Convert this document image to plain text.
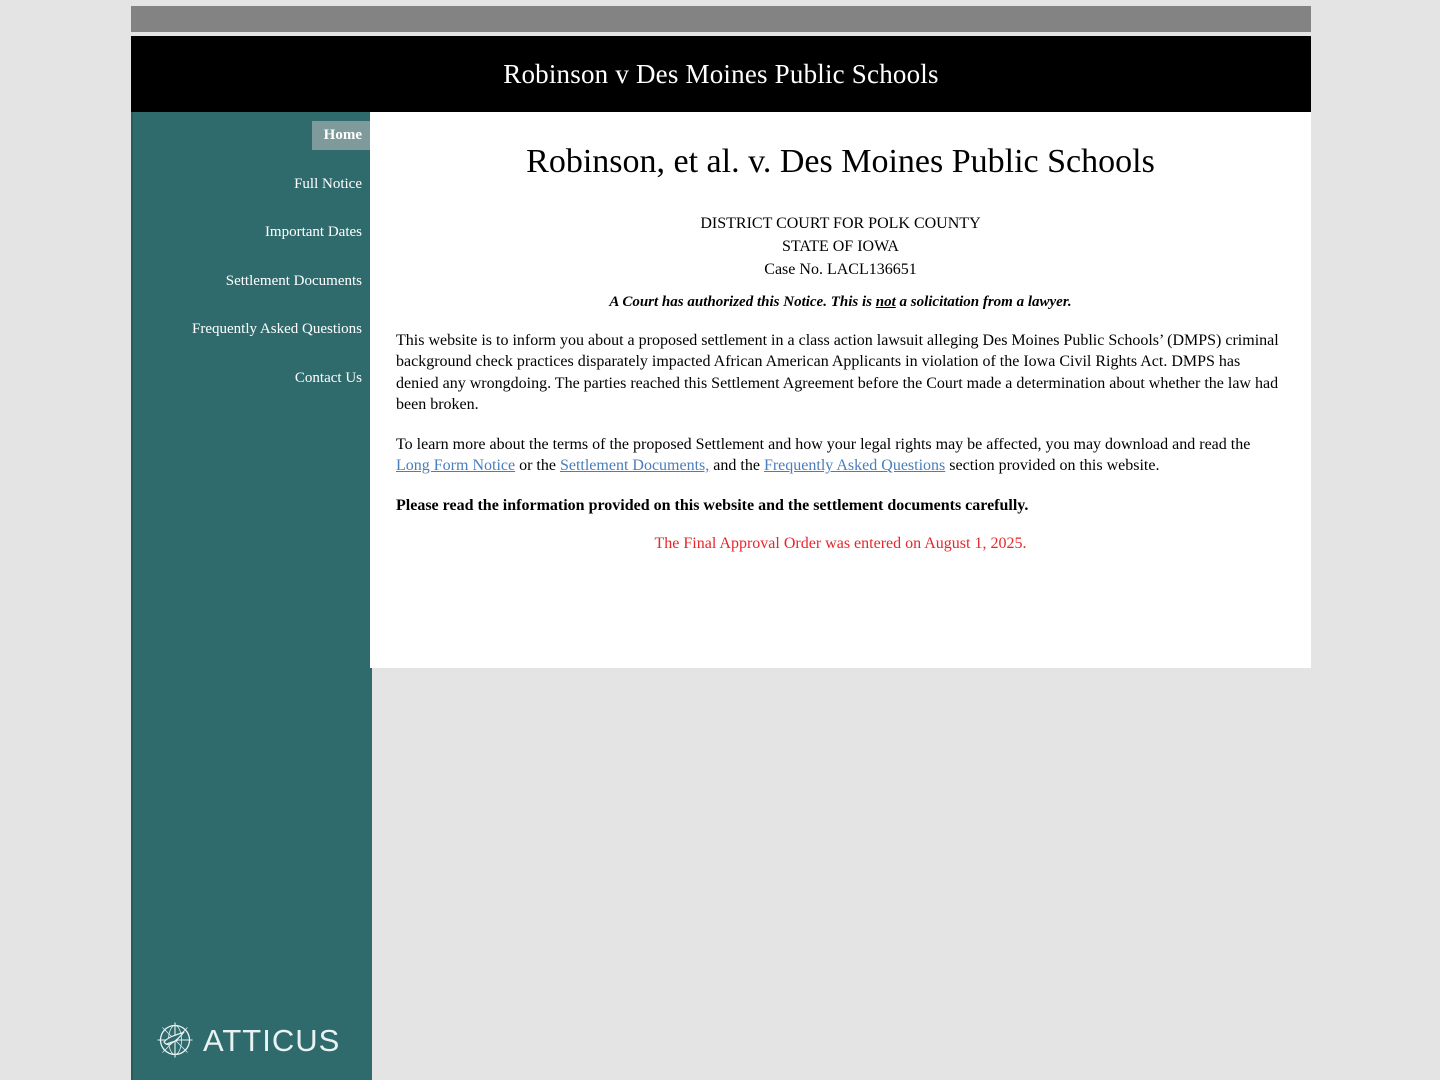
Robinson v Des Moines Public Schools
Home
Full Notice
Important Dates
Settlement Documents
Frequently Asked Questions
Contact Us
ATTICUS
Robinson, et al. v. Des Moines Public Schools
DISTRICT COURT FOR POLK COUNTY
STATE OF IOWA
Case No. LACL136651
A Court has authorized this Notice. This is not a solicitation from a lawyer.

This website is to inform you about a proposed settlement in a class action lawsuit alleging Des Moines Public Schools’ (DMPS) criminal background check practices disparately impacted African American Applicants in violation of the Iowa Civil Rights Act. DMPS has denied any wrongdoing. The parties reached this Settlement Agreement before the Court made a determination about whether the law had been broken.

To learn more about the terms of the proposed Settlement and how your legal rights may be affected, you may download and read the Long Form Notice or the Settlement Documents, and the Frequently Asked Questions section provided on this website.

Please read the information provided on this website and the settlement documents carefully.

The Final Approval Order was entered on August 1, 2025.
